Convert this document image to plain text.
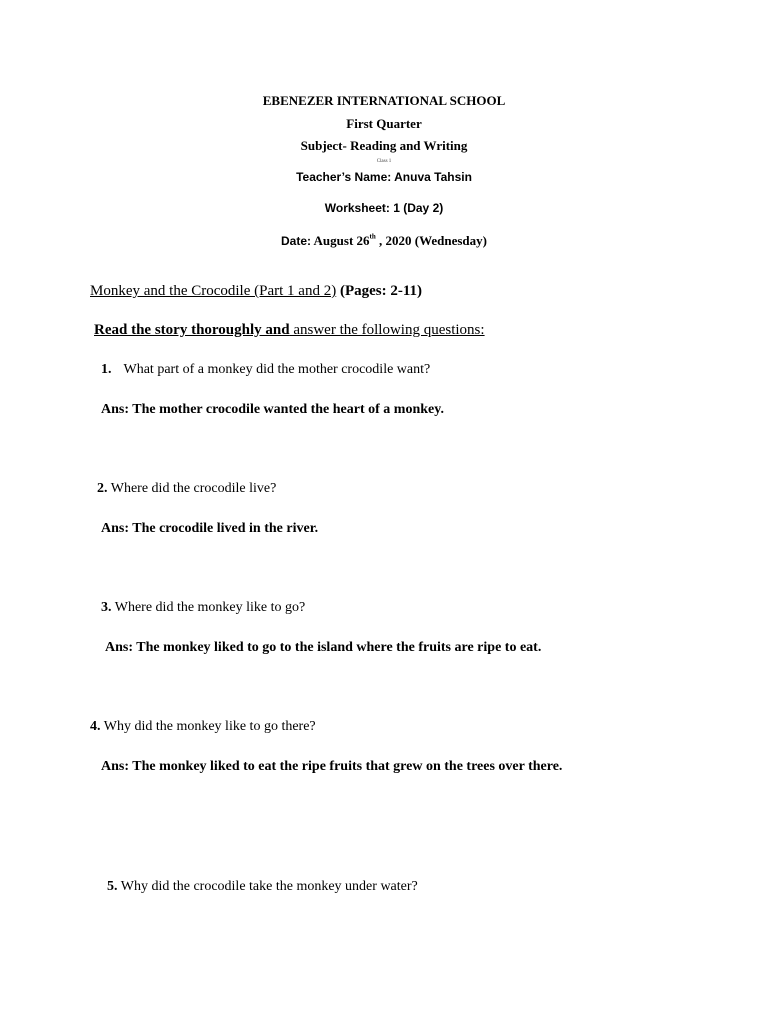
EBENEZER INTERNATIONAL SCHOOL
First Quarter
Subject- Reading and Writing
Class 1
Teacher’s Name: Anuva Tahsin
Worksheet: 1 (Day 2)
Date: August 26th , 2020 (Wednesday)
Monkey and the Crocodile (Part 1 and 2) (Pages: 2-11)
Read the story thoroughly and answer the following questions:
1. What part of a monkey did the mother crocodile want?
Ans: The mother crocodile wanted the heart of a monkey.
2. Where did the crocodile live?
Ans: The crocodile lived in the river.
3. Where did the monkey like to go?
Ans: The monkey liked to go to the island where the fruits are ripe to eat.
4. Why did the monkey like to go there?
Ans: The monkey liked to eat the ripe fruits that grew on the trees over there.
5. Why did the crocodile take the monkey under water?
